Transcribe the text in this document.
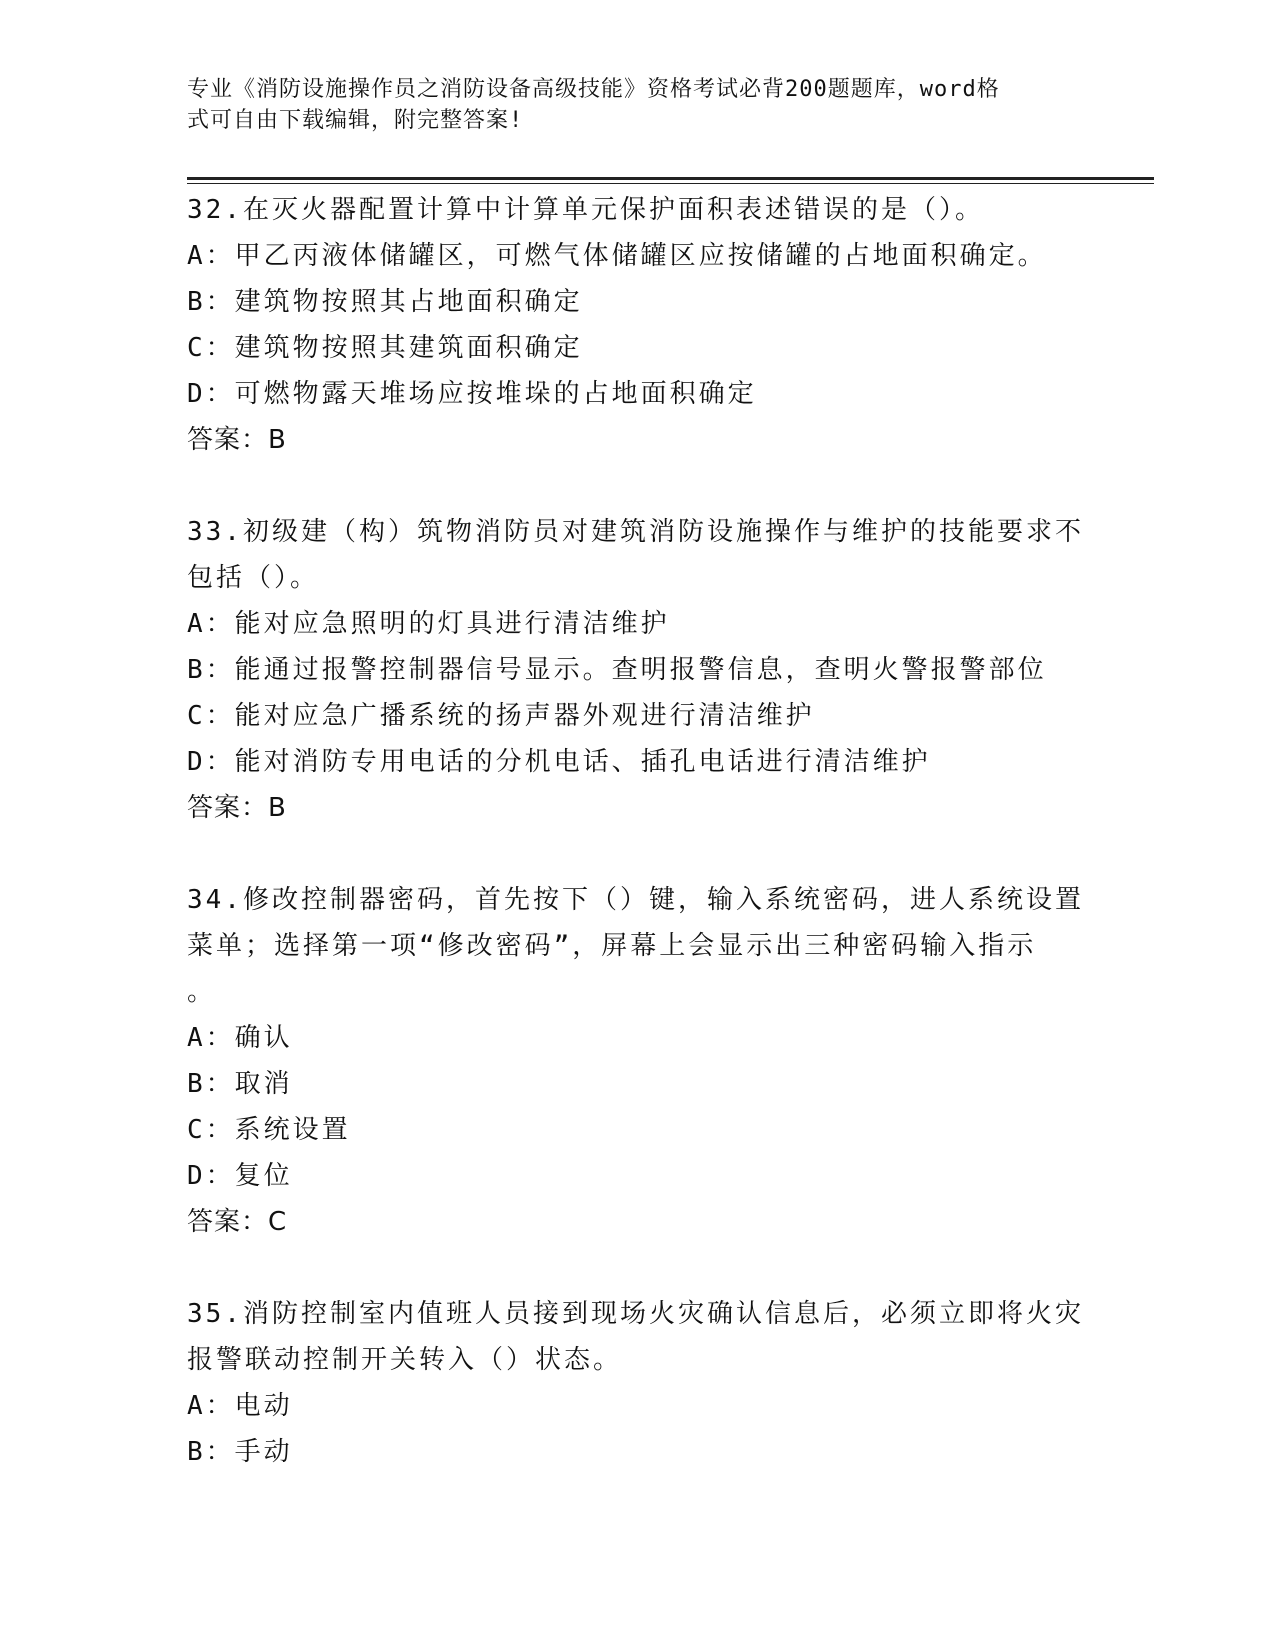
专业《消防设施操作员之消防设备高级技能》资格考试必背200题题库，word格
式可自由下载编辑，附完整答案!
32.在灭火器配置计算中计算单元保护面积表述错误的是（）。
A：甲乙丙液体储罐区，可燃气体储罐区应按储罐的占地面积确定。
B：建筑物按照其占地面积确定
C：建筑物按照其建筑面积确定
D：可燃物露天堆场应按堆垛的占地面积确定
答案：B
33.初级建（构）筑物消防员对建筑消防设施操作与维护的技能要求不
包括（）。
A：能对应急照明的灯具进行清洁维护
B：能通过报警控制器信号显示。查明报警信息，查明火警报警部位
C：能对应急广播系统的扬声器外观进行清洁维护
D：能对消防专用电话的分机电话、插孔电话进行清洁维护
答案：B
34.修改控制器密码，首先按下（）键，输入系统密码，进人系统设置
菜单；选择第一项“修改密码”，屏幕上会显示出三种密码输入指示
。
A：确认
B：取消
C：系统设置
D：复位
答案：C
35.消防控制室内值班人员接到现场火灾确认信息后，必须立即将火灾
报警联动控制开关转入（）状态。
A：电动
B：手动
